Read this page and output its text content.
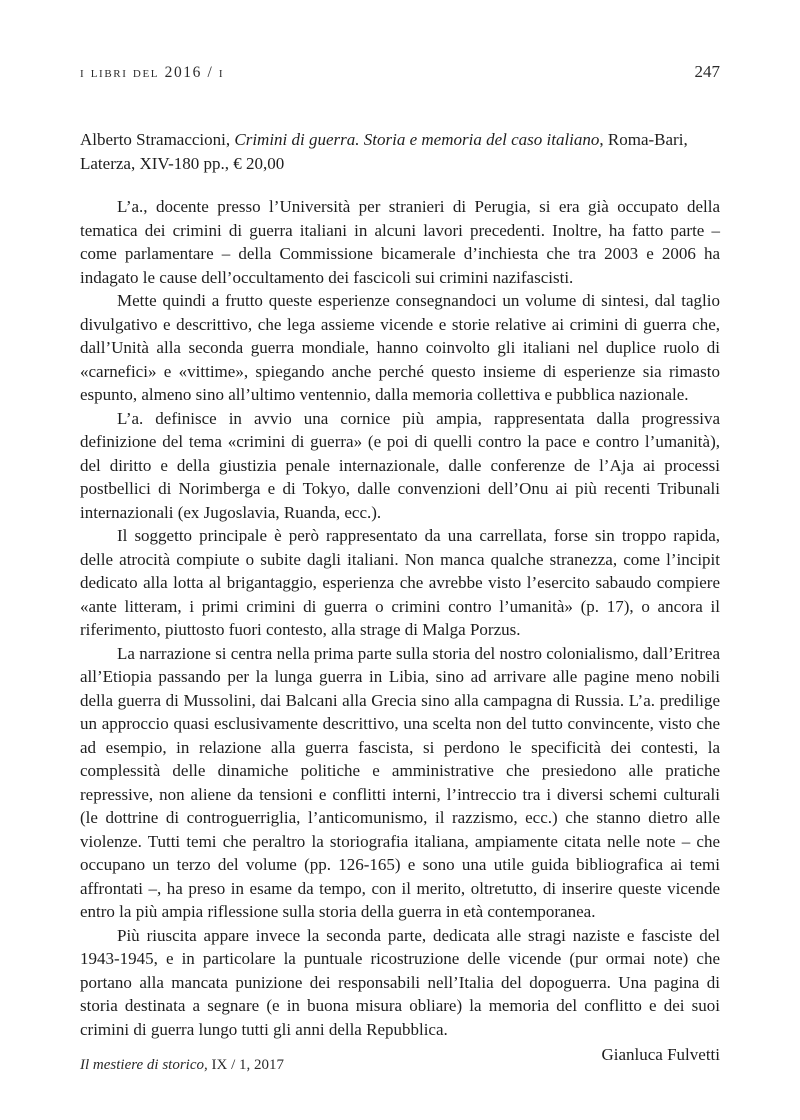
i libri del 2016 / i	247
Alberto Stramaccioni, Crimini di guerra. Storia e memoria del caso italiano, Roma-Bari, Laterza, XIV-180 pp., € 20,00

L’a., docente presso l’Università per stranieri di Perugia, si era già occupato della tematica dei crimini di guerra italiani in alcuni lavori precedenti. Inoltre, ha fatto parte – come parlamentare – della Commissione bicamerale d’inchiesta che tra 2003 e 2006 ha indagato le cause dell’occultamento dei fascicoli sui crimini nazifascisti.

Mette quindi a frutto queste esperienze consegnandoci un volume di sintesi, dal taglio divulgativo e descrittivo, che lega assieme vicende e storie relative ai crimini di guerra che, dall’Unità alla seconda guerra mondiale, hanno coinvolto gli italiani nel duplice ruolo di «carnefici» e «vittime», spiegando anche perché questo insieme di esperienze sia rimasto espunto, almeno sino all’ultimo ventennio, dalla memoria collettiva e pubblica nazionale.

L’a. definisce in avvio una cornice più ampia, rappresentata dalla progressiva definizione del tema «crimini di guerra» (e poi di quelli contro la pace e contro l’umanità), del diritto e della giustizia penale internazionale, dalle conferenze de l’Aja ai processi postbellici di Norimberga e di Tokyo, dalle convenzioni dell’Onu ai più recenti Tribunali internazionali (ex Jugoslavia, Ruanda, ecc.).

Il soggetto principale è però rappresentato da una carrellata, forse sin troppo rapida, delle atrocità compiute o subite dagli italiani. Non manca qualche stranezza, come l’incipit dedicato alla lotta al brigantaggio, esperienza che avrebbe visto l’esercito sabaudo compiere «ante litteram, i primi crimini di guerra o crimini contro l’umanità» (p. 17), o ancora il riferimento, piuttosto fuori contesto, alla strage di Malga Porzus.

La narrazione si centra nella prima parte sulla storia del nostro colonialismo, dall’Eritrea all’Etiopia passando per la lunga guerra in Libia, sino ad arrivare alle pagine meno nobili della guerra di Mussolini, dai Balcani alla Grecia sino alla campagna di Russia. L’a. predilige un approccio quasi esclusivamente descrittivo, una scelta non del tutto convincente, visto che ad esempio, in relazione alla guerra fascista, si perdono le specificità dei contesti, la complessità delle dinamiche politiche e amministrative che presiedono alle pratiche repressive, non aliene da tensioni e conflitti interni, l’intreccio tra i diversi schemi culturali (le dottrine di controguerriglia, l’anticomunismo, il razzismo, ecc.) che stanno dietro alle violenze. Tutti temi che peraltro la storiografia italiana, ampiamente citata nelle note – che occupano un terzo del volume (pp. 126-165) e sono una utile guida bibliografica ai temi affrontati –, ha preso in esame da tempo, con il merito, oltretutto, di inserire queste vicende entro la più ampia riflessione sulla storia della guerra in età contemporanea.

Più riuscita appare invece la seconda parte, dedicata alle stragi naziste e fasciste del 1943-1945, e in particolare la puntuale ricostruzione delle vicende (pur ormai note) che portano alla mancata punizione dei responsabili nell’Italia del dopoguerra. Una pagina di storia destinata a segnare (e in buona misura obliare) la memoria del conflitto e dei suoi crimini di guerra lungo tutti gli anni della Repubblica.

Gianluca Fulvetti
Il mestiere di storico, IX / 1, 2017
